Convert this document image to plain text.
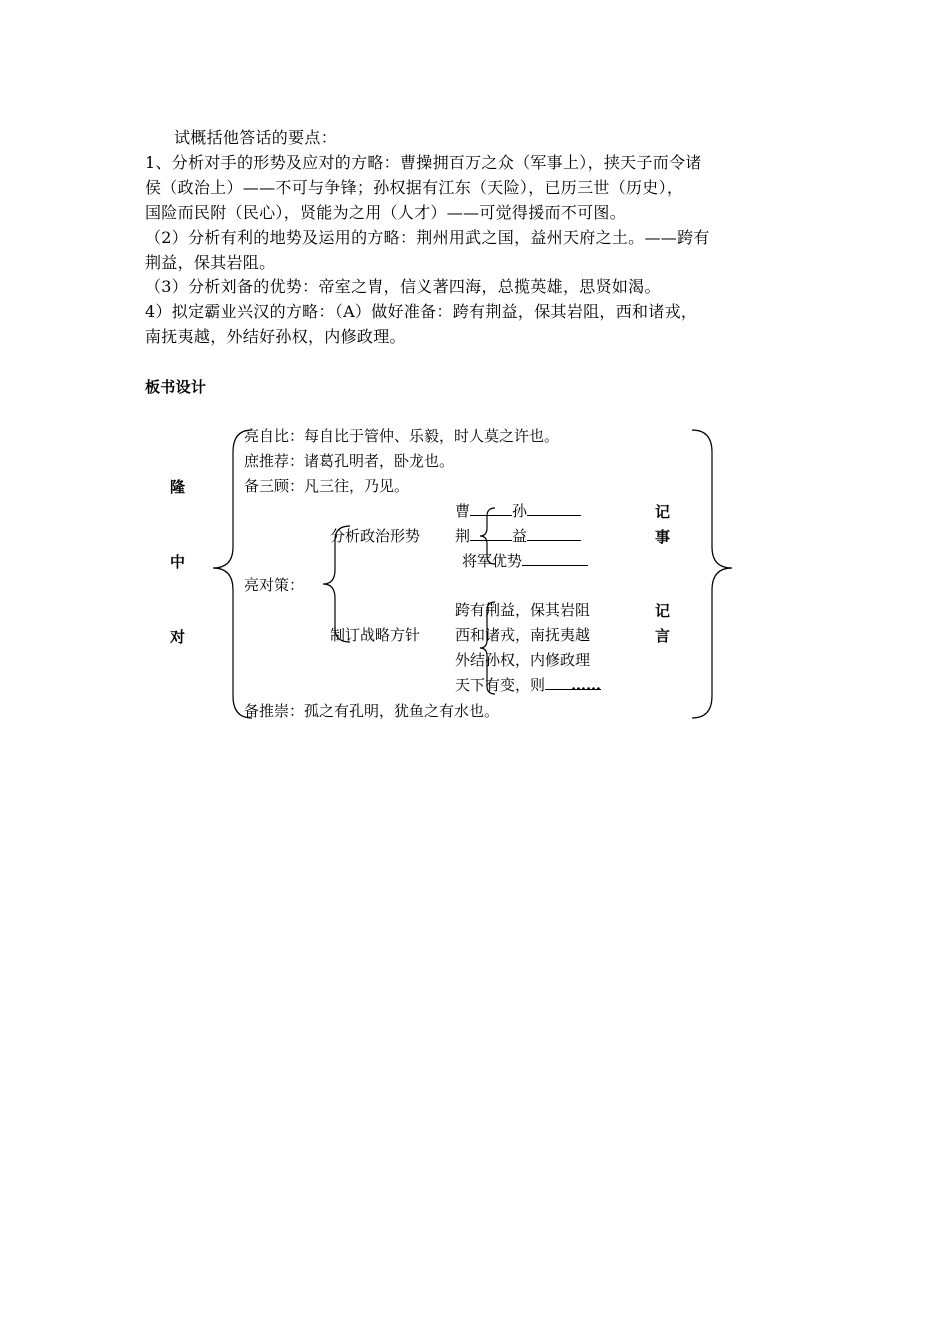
试概括他答话的要点：
1、分析对手的形势及应对的方略：曹操拥百万之众（军事上），挟天子而令诸
侯（政治上）——不可与争锋；孙权据有江东（天险），已历三世（历史），
国险而民附（民心），贤能为之用（人才）——可觉得援而不可图。
（2）分析有利的地势及运用的方略：荆州用武之国，益州天府之土。——跨有
荆益，保其岩阻。
（3）分析刘备的优势：帝室之胄，信义著四海，总揽英雄，思贤如渴。
4）拟定霸业兴汉的方略：（A）做好准备：跨有荆益，保其岩阻，西和诸戎，
南抚夷越，外结好孙权，内修政理。
板书设计
隆
中
对
记
事
记
言
亮自比：每自比于管仲、乐毅，时人莫之许也。
庶推荐：诸葛孔明者，卧龙也。
备三顾：凡三往，乃见。
亮对策：
备推崇：孤之有孔明，犹鱼之有水也。
分析政治形势
制订战略方针
曹	孙
荆	益
将军优势
跨有荆益，保其岩阻
西和诸戎，南抚夷越
外结孙权，内修政理
天下有变，则 ……
